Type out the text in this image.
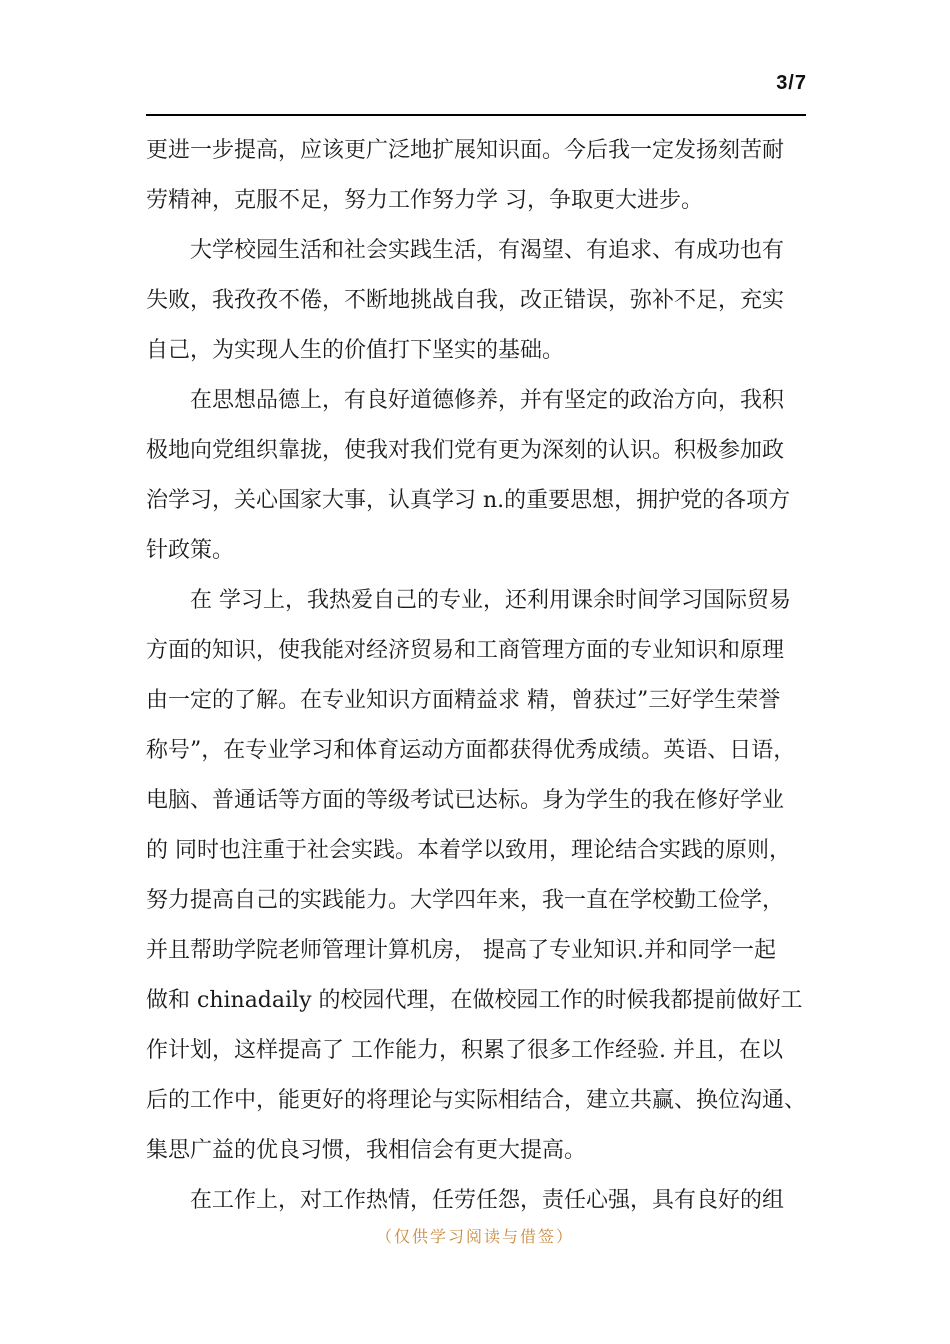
3/7
更进一步提高，应该更广泛地扩展知识面。今后我一定发扬刻苦耐
劳精神，克服不足，努力工作努力学 习，争取更大进步。
大学校园生活和社会实践生活，有渴望、有追求、有成功也有
失败，我孜孜不倦，不断地挑战自我，改正错误，弥补不足，充实
自己，为实现人生的价值打下坚实的基础。
在思想品德上，有良好道德修养，并有坚定的政治方向，我积
极地向党组织靠拢，使我对我们党有更为深刻的认识。积极参加政
治学习，关心国家大事，认真学习 n.的重要思想，拥护党的各项方
针政策。
在 学习上，我热爱自己的专业，还利用课余时间学习国际贸易
方面的知识，使我能对经济贸易和工商管理方面的专业知识和原理
由一定的了解。在专业知识方面精益求 精，曾获过”三好学生荣誉
称号”，在专业学习和体育运动方面都获得优秀成绩。英语、日语，
电脑、普通话等方面的等级考试已达标。身为学生的我在修好学业
的 同时也注重于社会实践。本着学以致用，理论结合实践的原则，
努力提高自己的实践能力。大学四年来，我一直在学校勤工俭学，
并且帮助学院老师管理计算机房， 提高了专业知识.并和同学一起
做和 chinadaily 的校园代理，在做校园工作的时候我都提前做好工
作计划，这样提高了 工作能力，积累了很多工作经验. 并且，在以
后的工作中，能更好的将理论与实际相结合，建立共赢、换位沟通、
集思广益的优良习惯，我相信会有更大提高。
在工作上，对工作热情，任劳任怨，责任心强，具有良好的组
（仅供学习阅读与借签）
